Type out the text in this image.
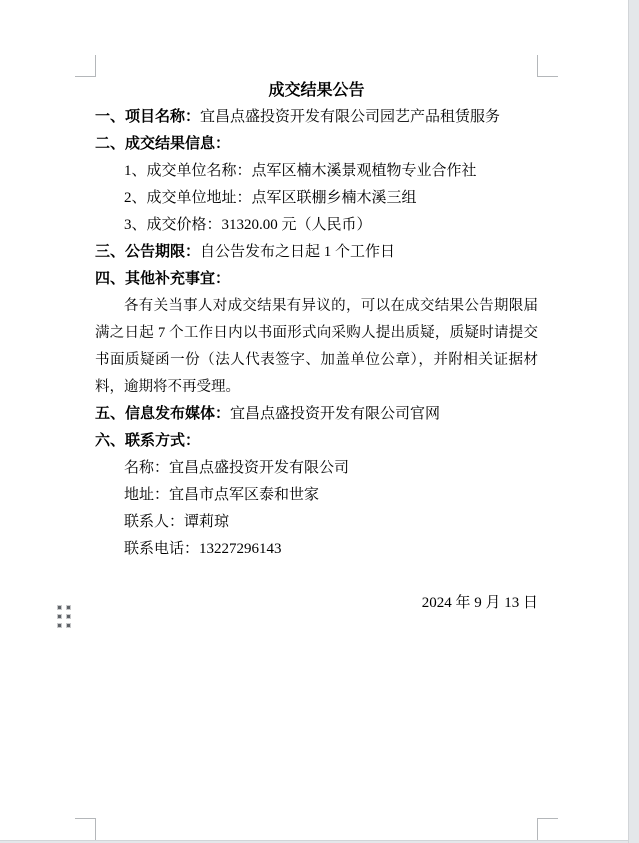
成交结果公告
一、项目名称：宜昌点盛投资开发有限公司园艺产品租赁服务
二、成交结果信息：
1、成交单位名称：点军区楠木溪景观植物专业合作社
2、成交单位地址：点军区联棚乡楠木溪三组
3、成交价格：31320.00 元（人民币）
三、公告期限：自公告发布之日起 1 个工作日
四、其他补充事宜：
各有关当事人对成交结果有异议的，可以在成交结果公告期限届
满之日起 7 个工作日内以书面形式向采购人提出质疑，质疑时请提交
书面质疑函一份（法人代表签字、加盖单位公章），并附相关证据材
料，逾期将不再受理。
五、信息发布媒体：宜昌点盛投资开发有限公司官网
六、联系方式：
名称：宜昌点盛投资开发有限公司
地址：宜昌市点军区泰和世家
联系人：谭莉琼
联系电话：13227296143
2024 年 9 月 13 日
